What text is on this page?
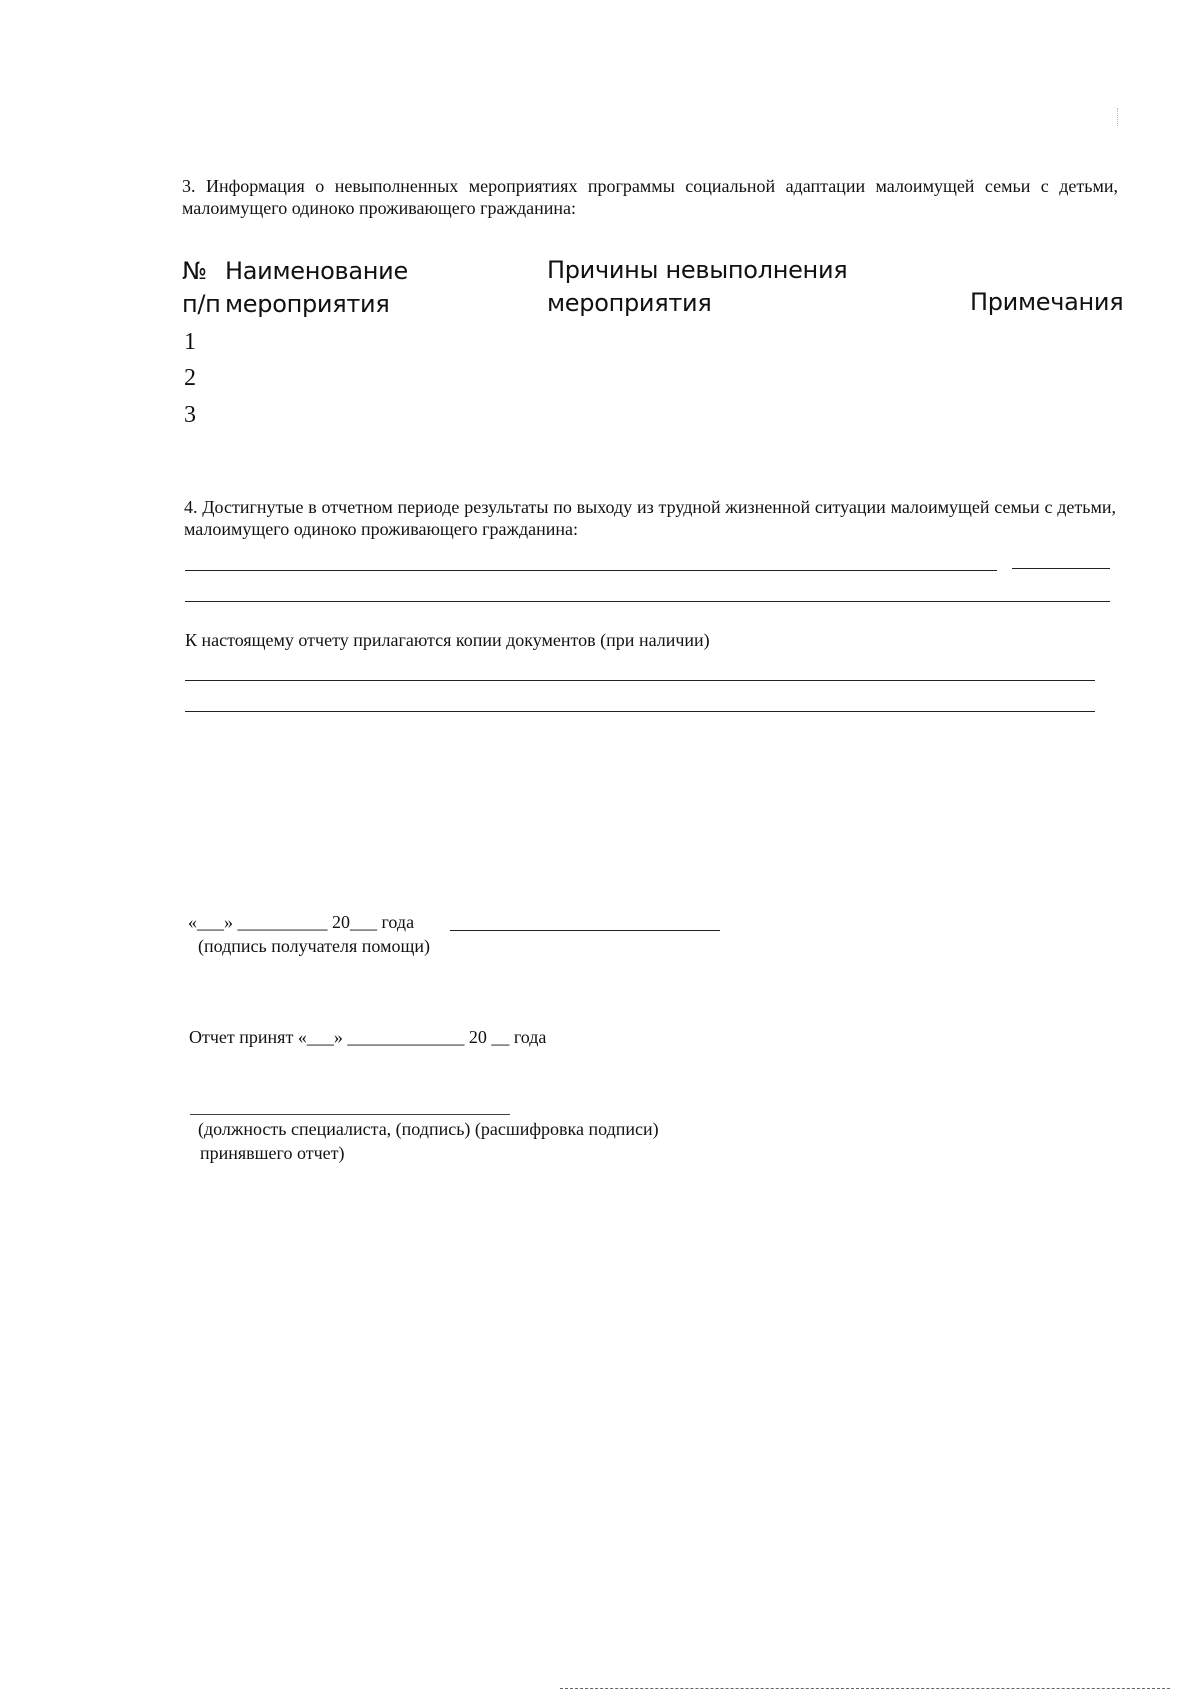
3. Информация о невыполненных мероприятиях программы социальной адаптации малоимущей семьи с детьми, малоимущего одиноко проживающего гражданина:
№
п/п
Наименование
мероприятия
Причины невыполнения
мероприятия	Примечания
1
2
3
4. Достигнутые в отчетном периоде результаты по выходу из трудной жизненной ситуации малоимущей семьи с детьми, малоимущего одиноко проживающего гражданина:
К настоящему отчету прилагаются копии документов (при наличии)
«___» __________ 20___ года
(подпись получателя помощи)
Отчет принят «___» _____________ 20 __ года
(должность специалиста, (подпись) (расшифровка подписи)
принявшего отчет)
